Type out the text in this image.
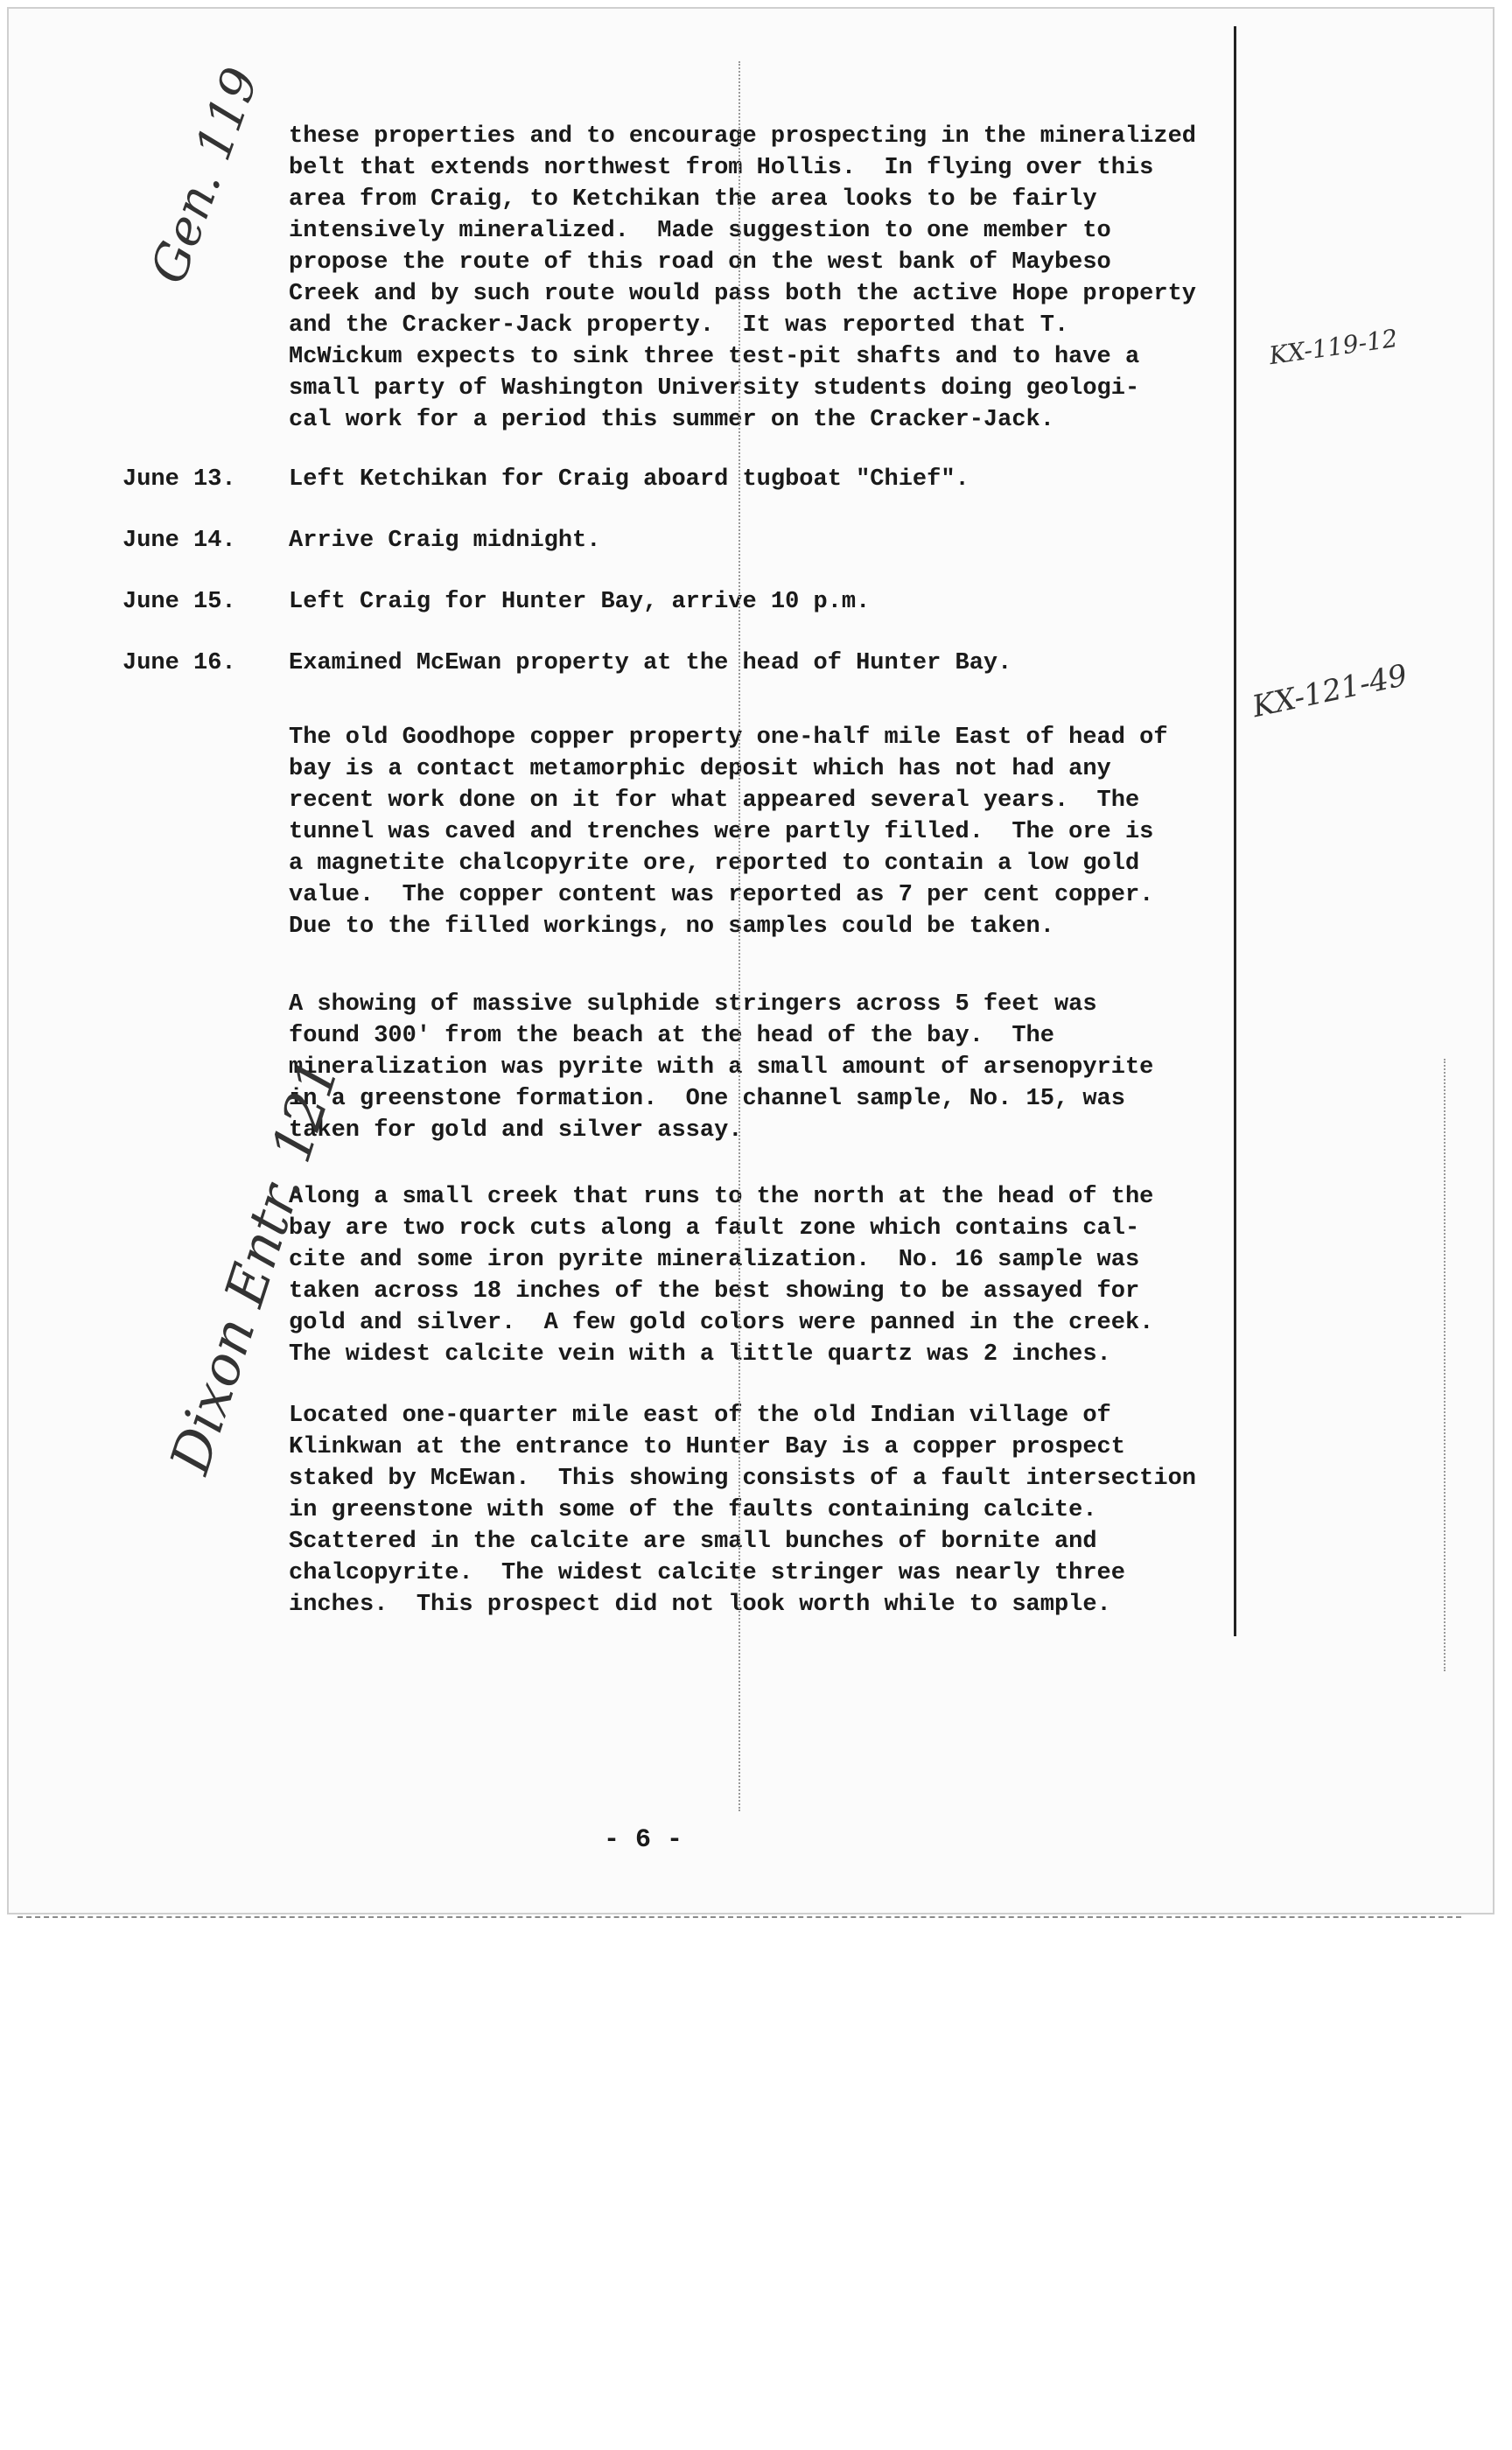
these properties and to encourage prospecting in the mineralized

belt that extends northwest from Hollis.  In flying over this

area from Craig, to Ketchikan the area looks to be fairly

intensively mineralized.  Made suggestion to one member to

propose the route of this road on the west bank of Maybeso

Creek and by such route would pass both the active Hope property

and the Cracker-Jack property.  It was reported that T.

McWickum expects to sink three test-pit shafts and to have a

small party of Washington University students doing geologi-

cal work for a period this summer on the Cracker-Jack.

June 13.	Left Ketchikan for Craig aboard tugboat "Chief".

June 14.	Arrive Craig midnight.

June 15.	Left Craig for Hunter Bay, arrive 10 p.m.

June 16.	Examined McEwan property at the head of Hunter Bay.

The old Goodhope copper property one-half mile East of head of

bay is a contact metamorphic deposit which has not had any

recent work done on it for what appeared several years.  The

tunnel was caved and trenches were partly filled.  The ore is

a magnetite chalcopyrite ore, reported to contain a low gold

value.  The copper content was reported as 7 per cent copper.

Due to the filled workings, no samples could be taken.

A showing of massive sulphide stringers across 5 feet was

found 300' from the beach at the head of the bay.  The

mineralization was pyrite with a small amount of arsenopyrite

in a greenstone formation.  One channel sample, No. 15, was

taken for gold and silver assay.

Along a small creek that runs to the north at the head of the

bay are two rock cuts along a fault zone which contains cal-

cite and some iron pyrite mineralization.  No. 16 sample was

taken across 18 inches of the best showing to be assayed for

gold and silver.  A few gold colors were panned in the creek.

The widest calcite vein with a little quartz was 2 inches.

Located one-quarter mile east of the old Indian village of

Klinkwan at the entrance to Hunter Bay is a copper prospect

staked by McEwan.  This showing consists of a fault intersection

in greenstone with some of the faults containing calcite.

Scattered in the calcite are small bunches of bornite and

chalcopyrite.  The widest calcite stringer was nearly three

inches.  This prospect did not look worth while to sample.

- 6 -

Gen. 119
KX-119-12
KX-121-49
Dixon Entr. 121
